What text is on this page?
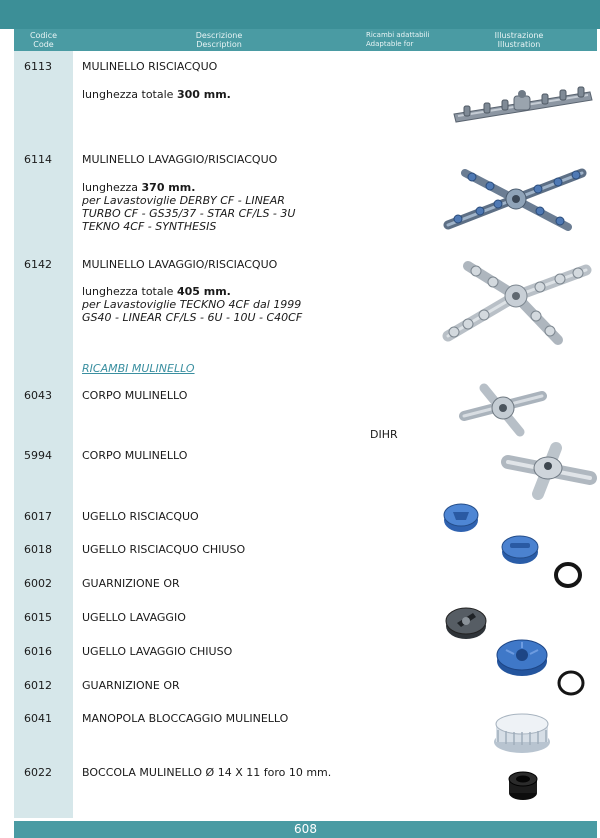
Codice
Code
Descrizione
Description
Ricambi adattabili
Adaptable for
Illustrazione
Illustration
6113	MULINELLO RISCIACQUO
lunghezza totale 300 mm.
6114	MULINELLO LAVAGGIO/RISCIACQUO
lunghezza 370 mm.
per Lavastoviglie DERBY CF - LINEAR
TURBO CF - GS35/37 - STAR CF/LS - 3U
TEKNO 4CF - SYNTHESIS
6142	MULINELLO LAVAGGIO/RISCIACQUO
lunghezza totale 405 mm.
per Lavastoviglie TECKNO 4CF dal 1999
GS40 - LINEAR CF/LS - 6U - 10U - C40CF
RICAMBI MULINELLO
6043	CORPO MULINELLO
DIHR
5994	CORPO MULINELLO
6017	UGELLO RISCIACQUO
6018	UGELLO RISCIACQUO CHIUSO
6002	GUARNIZIONE OR
6015	UGELLO LAVAGGIO
6016	UGELLO LAVAGGIO CHIUSO
6012	GUARNIZIONE OR
6041	MANOPOLA BLOCCAGGIO MULINELLO
6022	BOCCOLA MULINELLO Ø 14 X 11 foro 10 mm.
608
